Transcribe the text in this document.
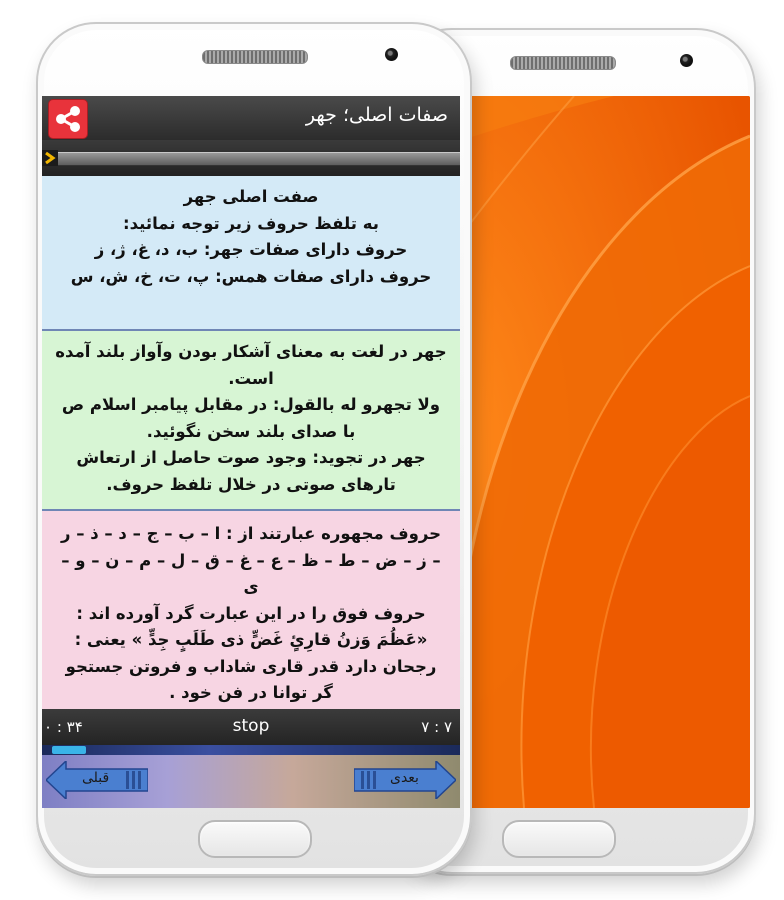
صفات اصلی؛ جهر

صفت اصلی جهر

به تلفظ حروف زیر توجه نمائید:

حروف دارای صفات جهر: ب، د، غ، ژ، ز

حروف دارای صفات همس: پ، ت، خ، ش، س

جهر در لغت به معنای آشکار بودن وآواز بلند آمده است.

ولا تجهرو له بالقول: در مقابل پیامبر اسلام ص با صدای بلند سخن نگوئید.

جهر در تجوید: وجود صوت حاصل از ارتعاش تارهای صوتی در خلال تلفظ حروف.

حروف مجهوره عبارتند از : ا – ب – ج – د – ذ – ر – ز – ض – ط – ظ – ع – غ – ق – ل – م – ن – و – ی

حروف فوق را در این عبارت گرد آورده اند :

«عَظُمَ وَزنُ قارِئٍ غَضٍّ ذی طَلَبٍ جِدٍّ » یعنی : رجحان دارد قدر قاری شاداب و فروتن جستجو گر توانا در فن خود .

۰ : ۳۴	stop	۷ : ۷
قبلی	بعدی
